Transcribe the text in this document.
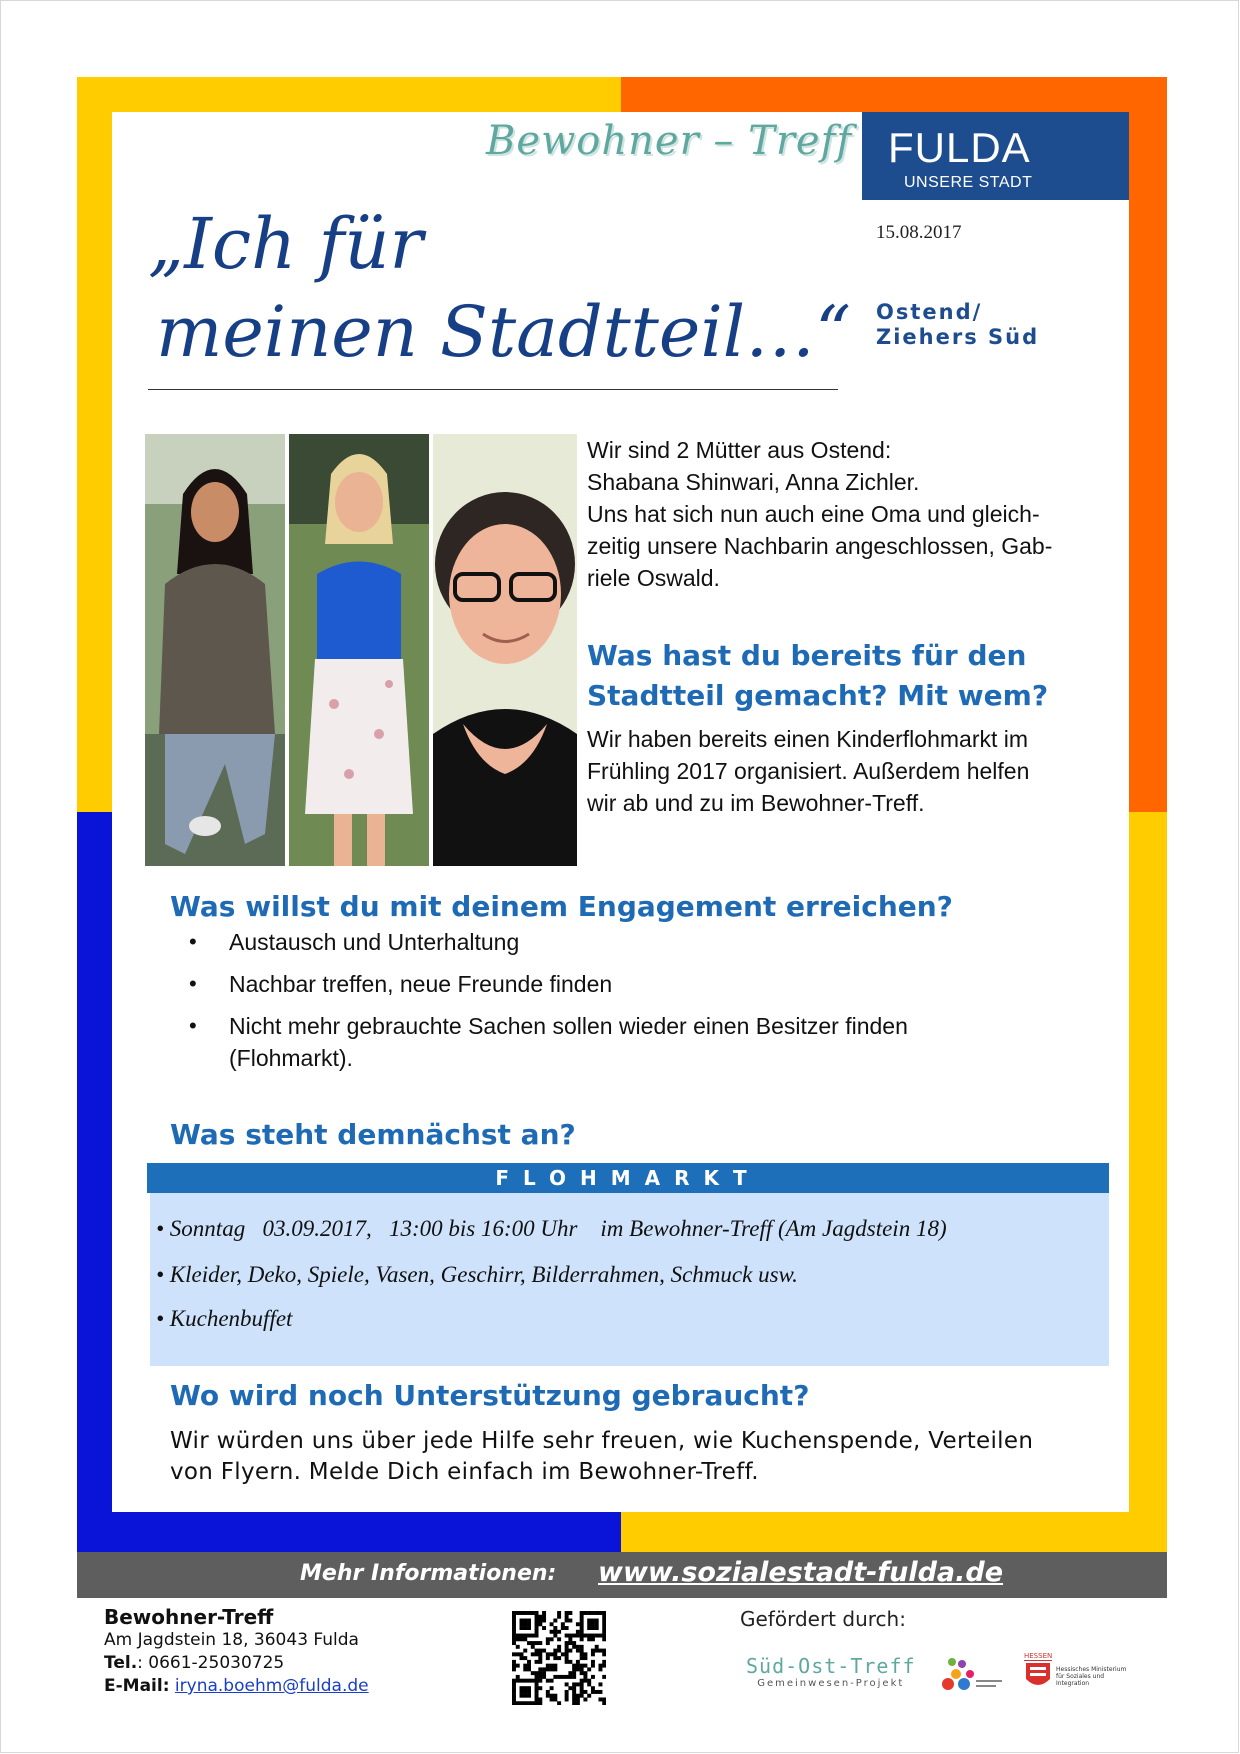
Bewohner – Treff FULDA
UNSERE STADT
15.08.2017
Ostend/
Ziehers Süd
„Ich für
meinen Stadtteil…“
Wir sind 2 Mütter aus Ostend:
Shabana Shinwari, Anna Zichler.
Uns hat sich nun auch eine Oma und gleich-
zeitig unsere Nachbarin angeschlossen, Gab-
riele Oswald.
Was hast du bereits für den
Stadtteil gemacht? Mit wem?
Wir haben bereits einen Kinderflohmarkt im
Frühling 2017 organisiert. Außerdem helfen
wir ab und zu im Bewohner-Treff.
Was willst du mit deinem Engagement erreichen?
• Austausch und Unterhaltung
• Nachbar treffen, neue Freunde finden
• Nicht mehr gebrauchte Sachen sollen wieder einen Besitzer finden (Flohmarkt).
Was steht demnächst an?
FLOHMARKT
• Sonntag   03.09.2017,   13:00 bis 16:00 Uhr    im Bewohner-Treff (Am Jagdstein 18)
• Kleider, Deko, Spiele, Vasen, Geschirr, Bilderrahmen, Schmuck usw.
• Kuchenbuffet
Wo wird noch Unterstützung gebraucht?
Wir würden uns über jede Hilfe sehr freuen, wie Kuchenspende, Verteilen
von Flyern. Melde Dich einfach im Bewohner-Treff.
Mehr Informationen: www.sozialestadt-fulda.de
Bewohner-Treff
Am Jagdstein 18, 36043 Fulda
Tel.: 0661-25030725
E-Mail: iryna.boehm@fulda.de
Gefördert durch:
Süd-Ost-Treff
Gemeinwesen-Projekt
HESSEN
Hessisches Ministerium für Soziales und Integration
